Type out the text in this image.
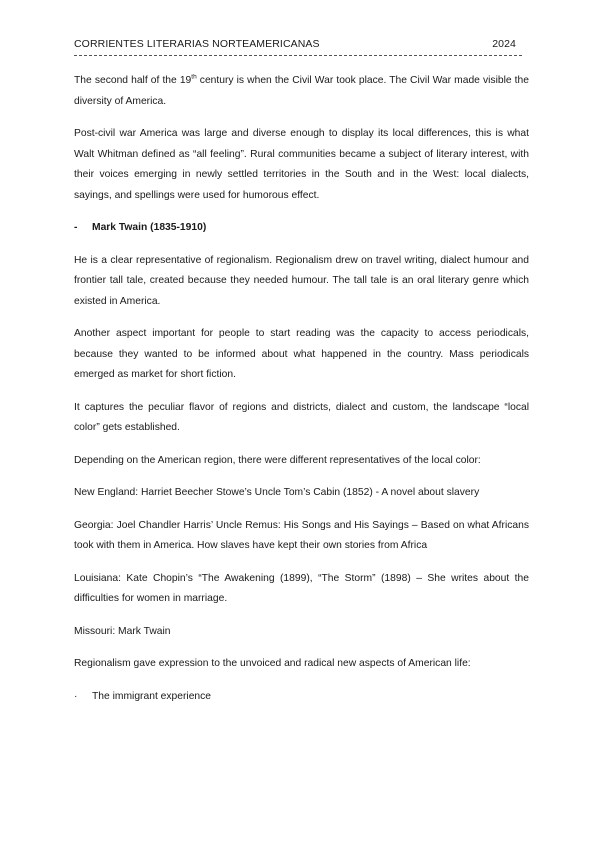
CORRIENTES LITERARIAS NORTEAMERICANAS	2024

The second half of the 19th century is when the Civil War took place. The Civil War made visible the diversity of America.

Post-civil war America was large and diverse enough to display its local differences, this is what Walt Whitman defined as “all feeling”. Rural communities became a subject of literary interest, with their voices emerging in newly settled territories in the South and in the West: local dialects, sayings, and spellings were used for humorous effect.

-	Mark Twain (1835-1910)

He is a clear representative of regionalism. Regionalism drew on travel writing, dialect humour and frontier tall tale, created because they needed humour. The tall tale is an oral literary genre which existed in America.

Another aspect important for people to start reading was the capacity to access periodicals, because they wanted to be informed about what happened in the country. Mass periodicals emerged as market for short fiction.

It captures the peculiar flavor of regions and districts, dialect and custom, the landscape “local color” gets established.

Depending on the American region, there were different representatives of the local color:

New England: Harriet Beecher Stowe’s Uncle Tom’s Cabin (1852) - A novel about slavery

Georgia: Joel Chandler Harris’ Uncle Remus: His Songs and His Sayings – Based on what Africans took with them in America. How slaves have kept their own stories from Africa

Louisiana: Kate Chopin’s “The Awakening (1899), “The Storm” (1898) – She writes about the difficulties for women in marriage.

Missouri: Mark Twain

Regionalism gave expression to the unvoiced and radical new aspects of American life:

·	The immigrant experience
